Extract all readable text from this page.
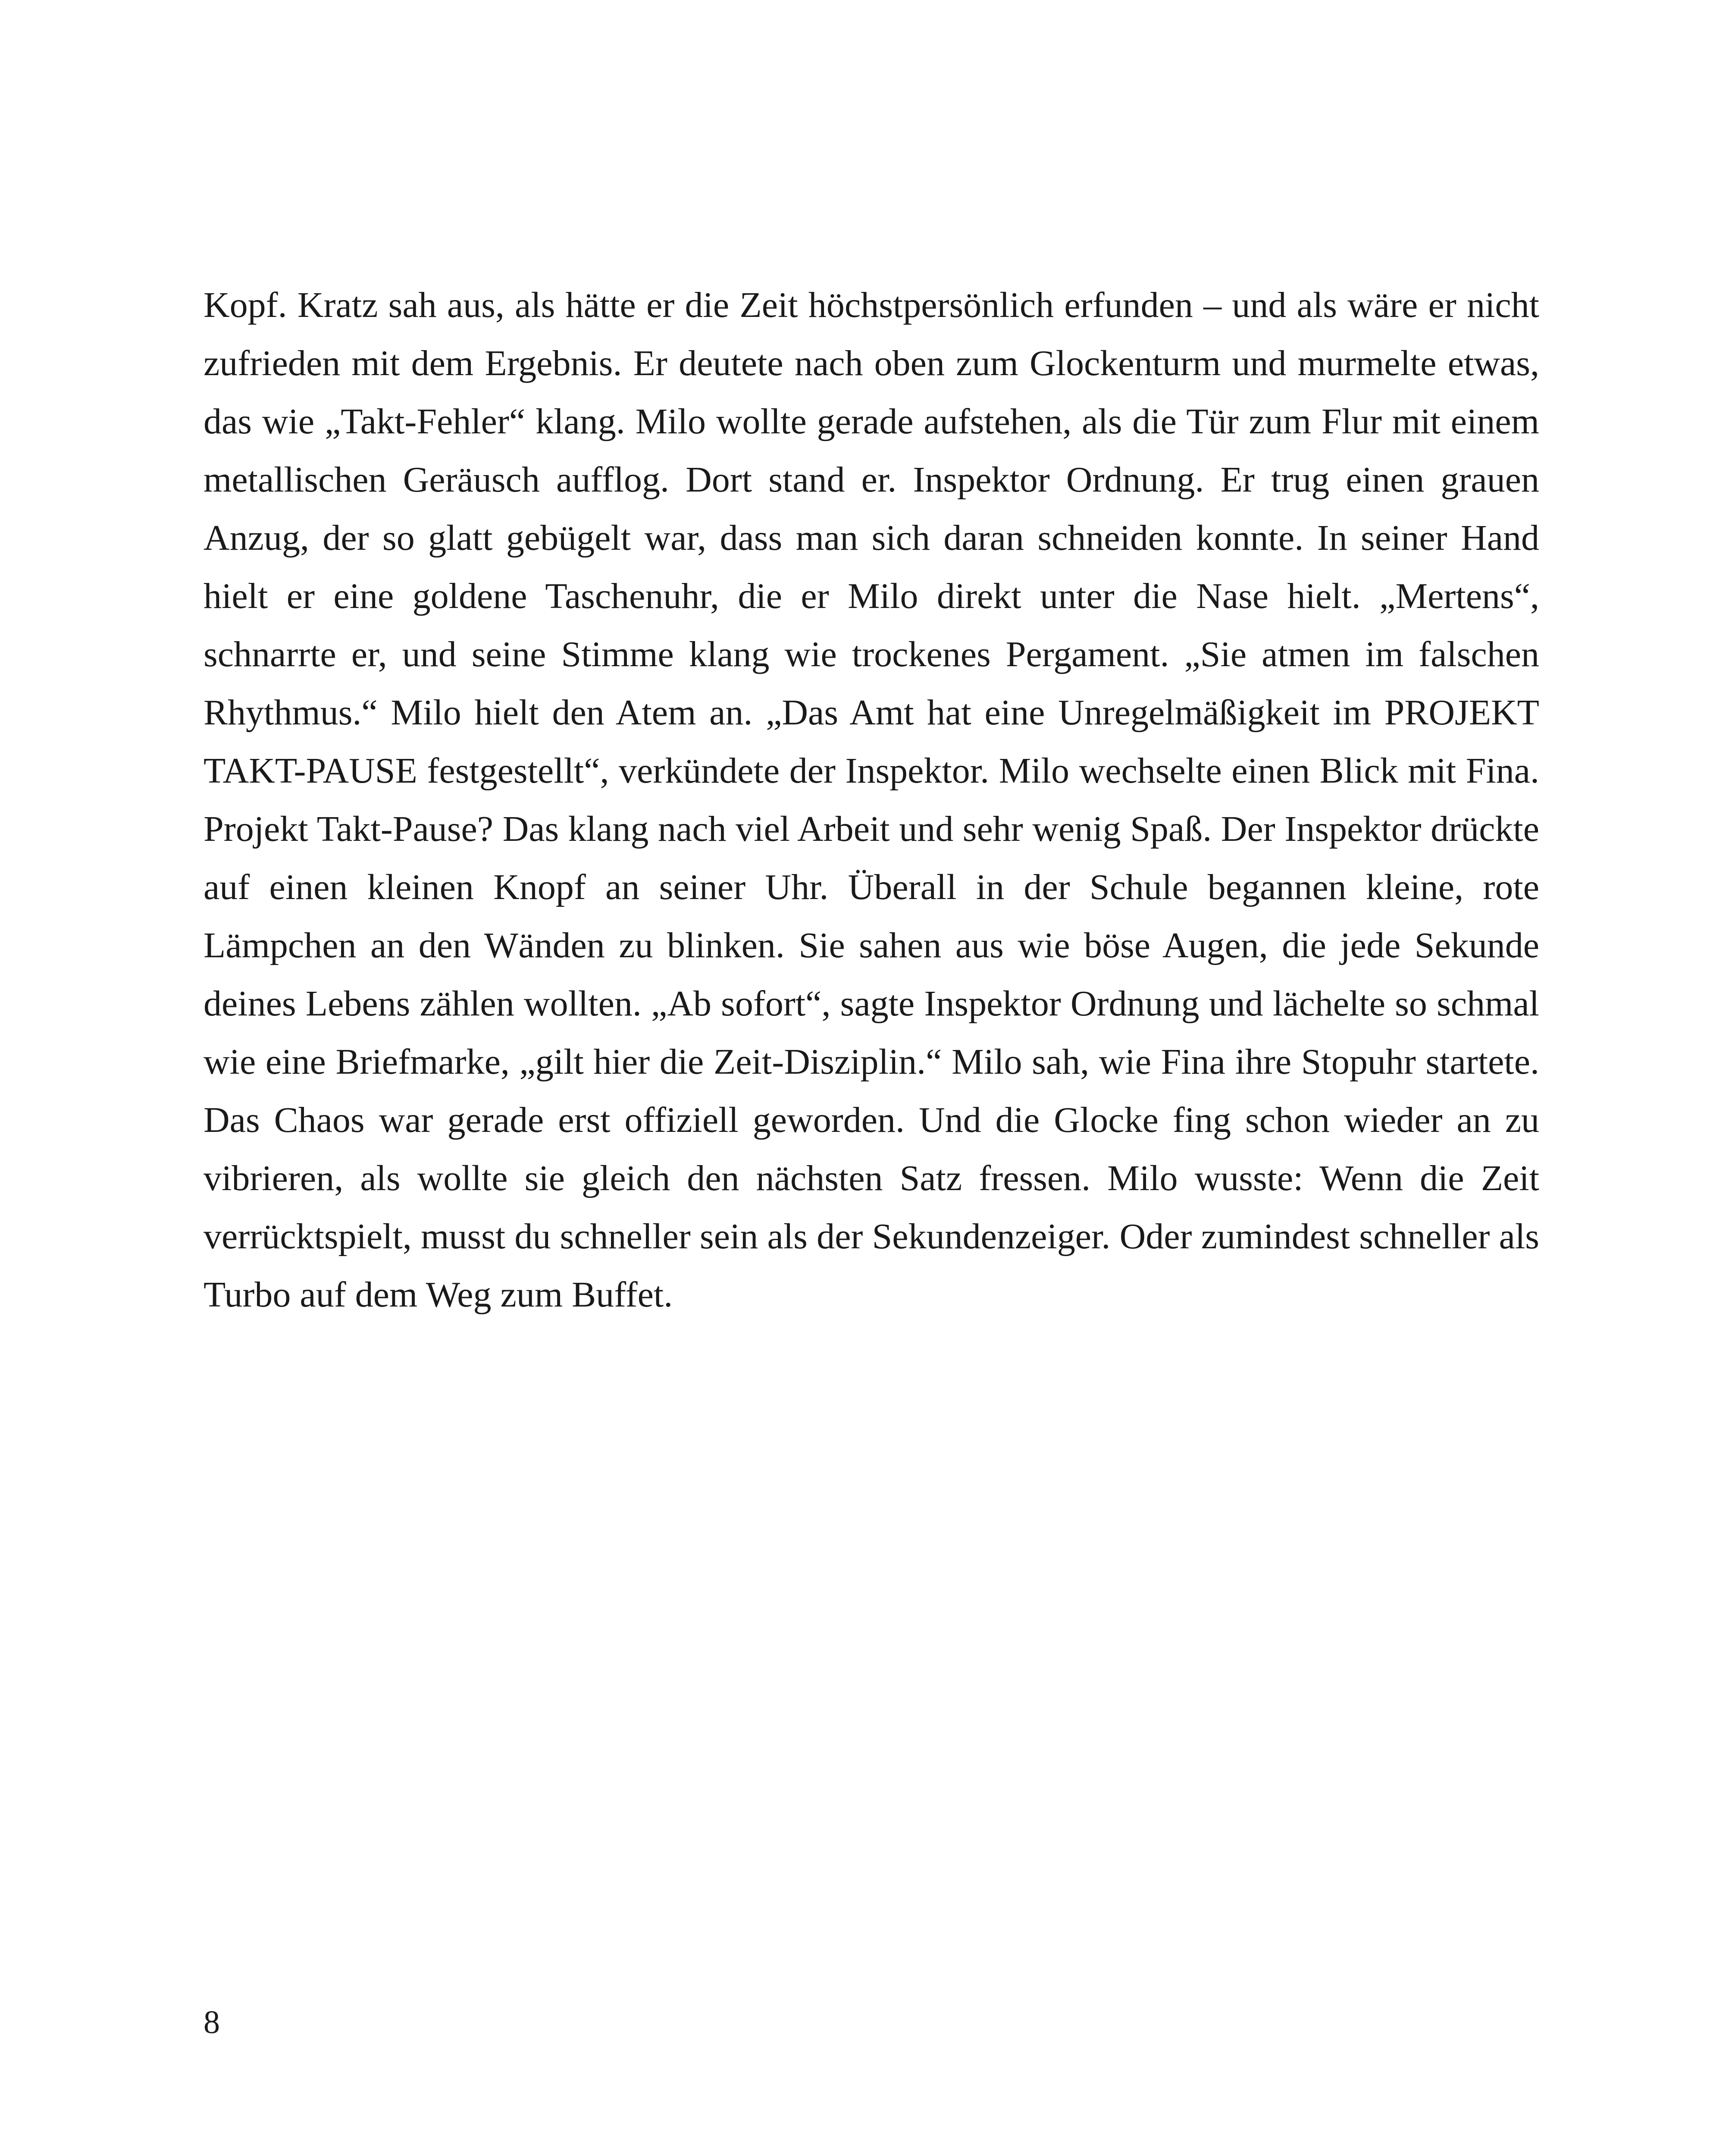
Kopf. Kratz sah aus, als hätte er die Zeit höchstpersönlich erfunden – und als wäre er nicht zufrieden mit dem Ergebnis. Er deutete nach oben zum Glockenturm und murmelte etwas, das wie „Takt-Fehler“ klang. Milo wollte gerade aufstehen, als die Tür zum Flur mit einem metallischen Geräusch aufflog. Dort stand er. Inspektor Ordnung. Er trug einen grauen Anzug, der so glatt gebügelt war, dass man sich daran schneiden konnte. In seiner Hand hielt er eine goldene Taschenuhr, die er Milo direkt unter die Nase hielt. „Mertens“, schnarrte er, und seine Stimme klang wie trockenes Pergament. „Sie atmen im falschen Rhythmus.“ Milo hielt den Atem an. „Das Amt hat eine Unregelmäßigkeit im PROJEKT TAKT-PAUSE festgestellt“, verkündete der Inspektor. Milo wechselte einen Blick mit Fina. Projekt Takt-Pause? Das klang nach viel Arbeit und sehr wenig Spaß. Der Inspektor drückte auf einen kleinen Knopf an seiner Uhr. Überall in der Schule begannen kleine, rote Lämpchen an den Wänden zu blinken. Sie sahen aus wie böse Augen, die jede Sekunde deines Lebens zählen wollten. „Ab sofort“, sagte Inspektor Ordnung und lächelte so schmal wie eine Briefmarke, „gilt hier die Zeit-Disziplin.“ Milo sah, wie Fina ihre Stopuhr startete. Das Chaos war gerade erst offiziell geworden. Und die Glocke fing schon wieder an zu vibrieren, als wollte sie gleich den nächsten Satz fressen. Milo wusste: Wenn die Zeit verrücktspielt, musst du schneller sein als der Sekundenzeiger. Oder zumindest schneller als Turbo auf dem Weg zum Buffet.

8
